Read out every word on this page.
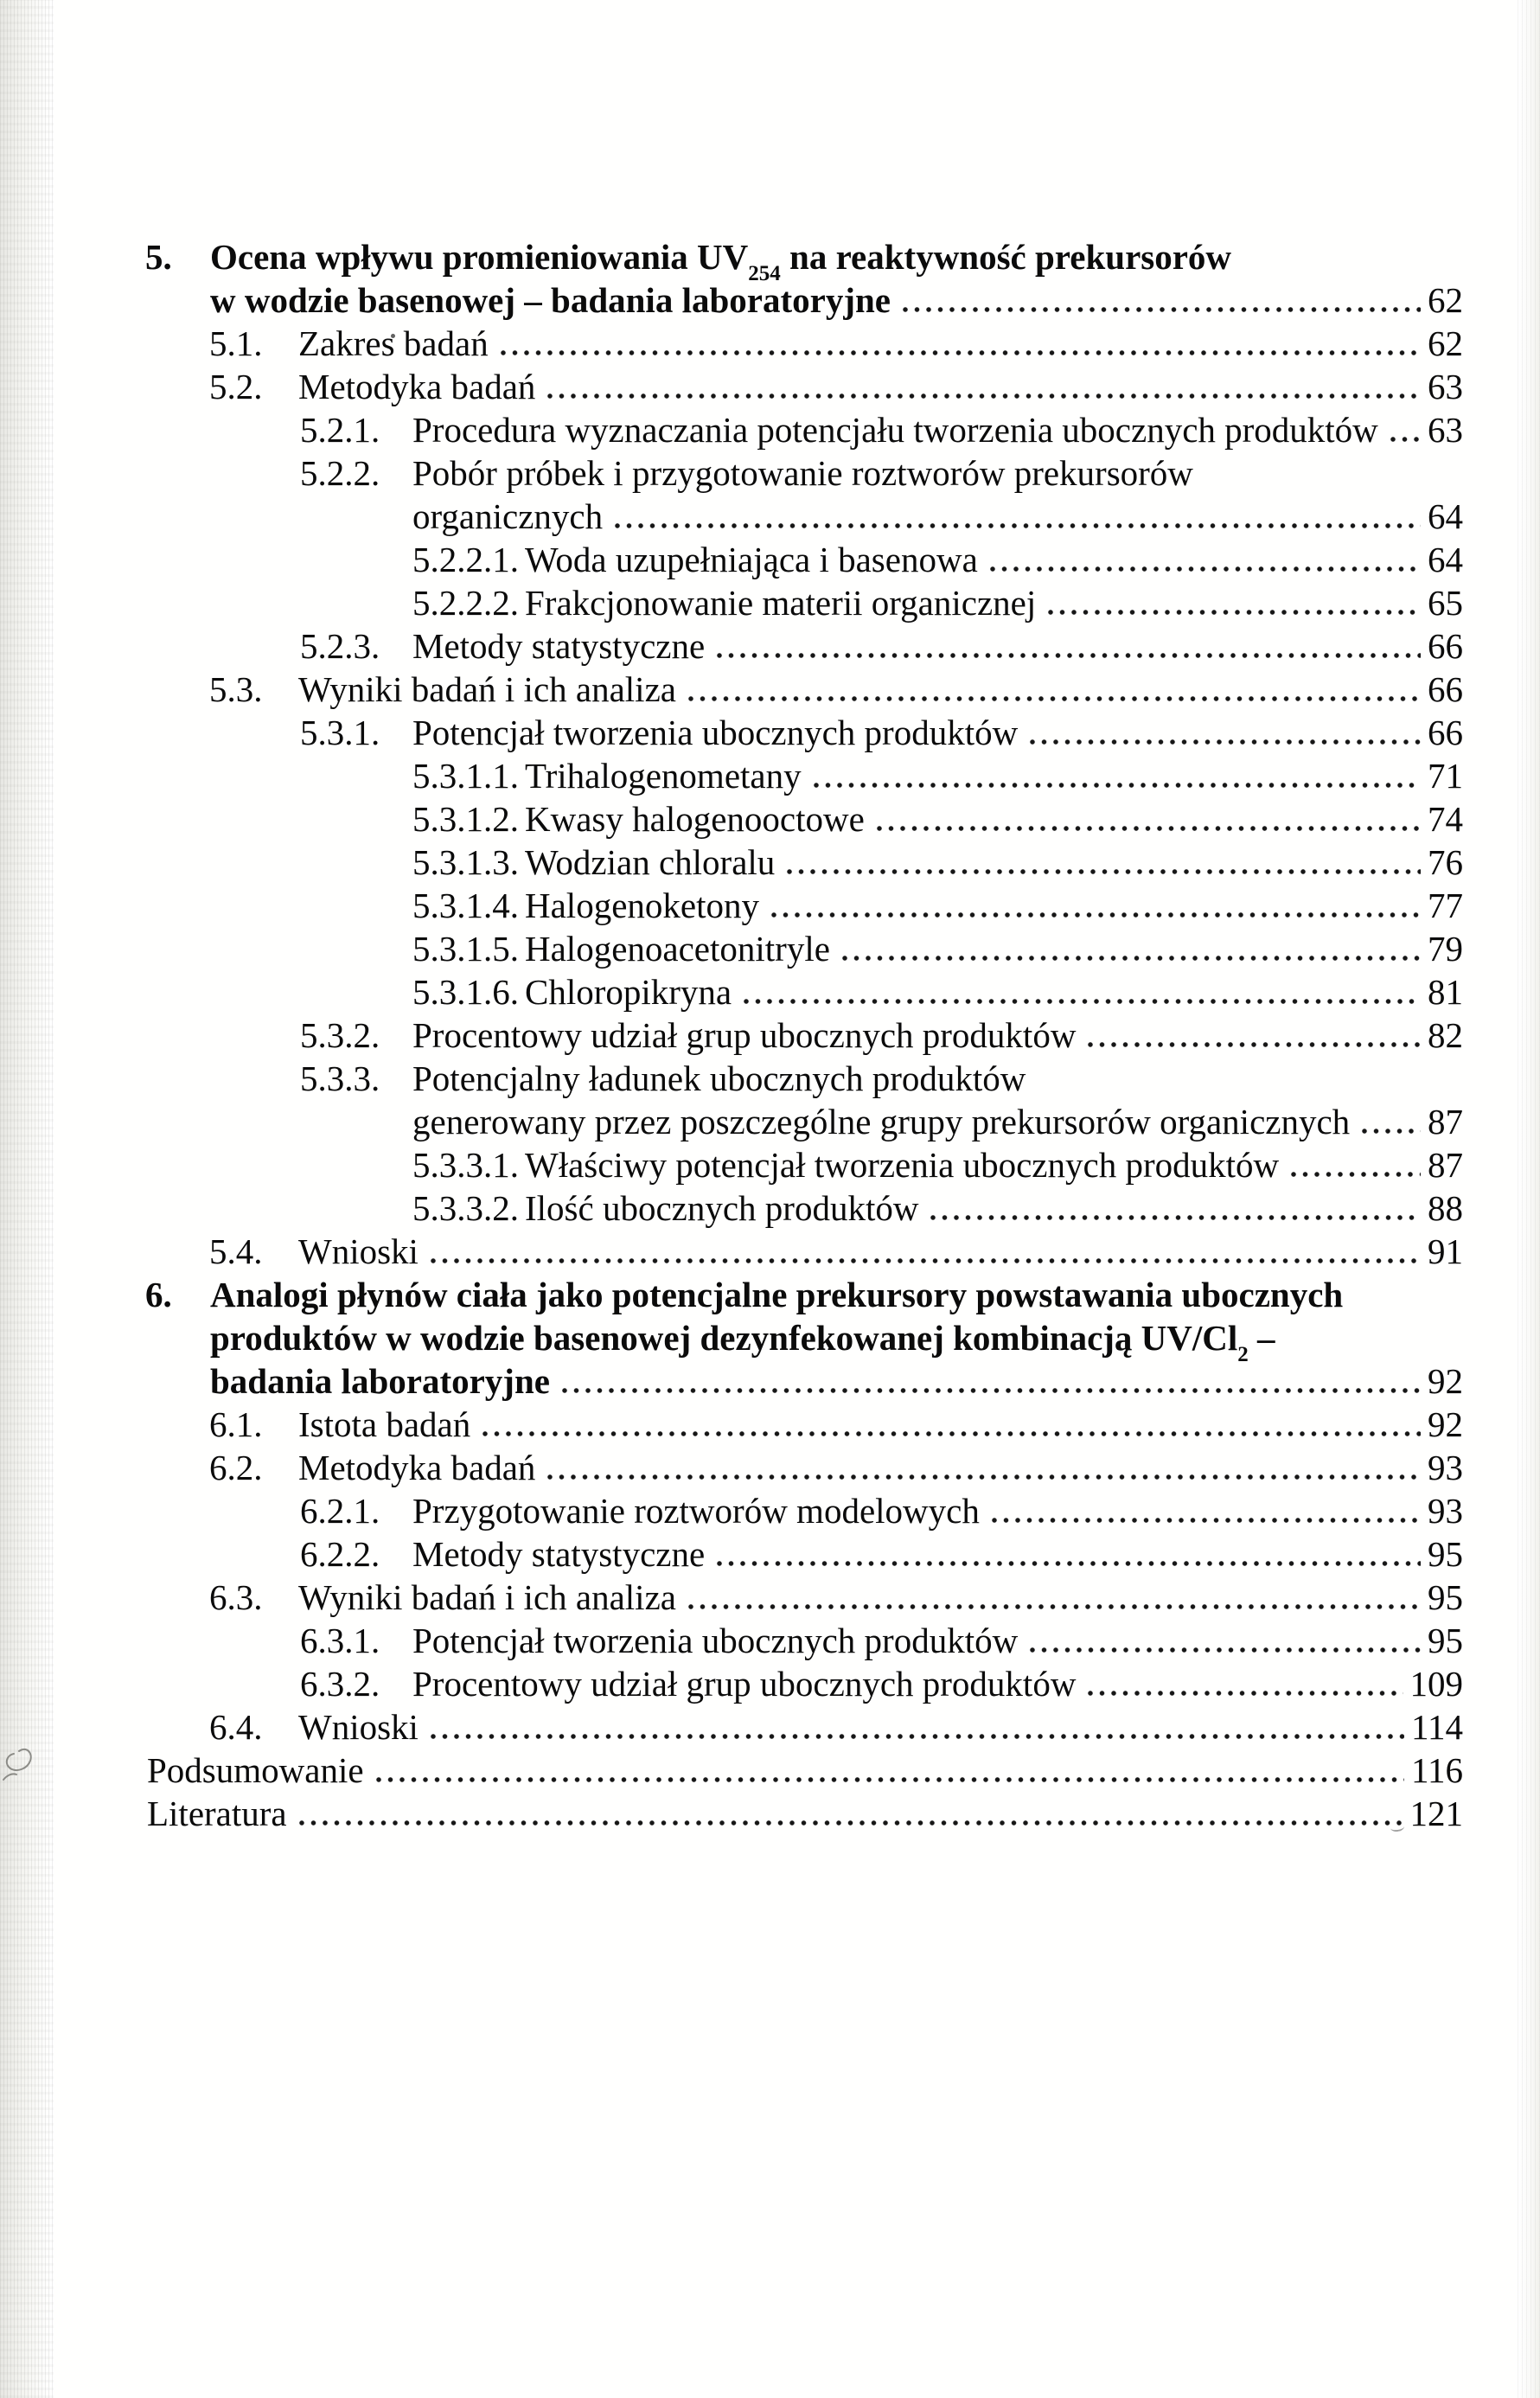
5. Ocena wpływu promieniowania $UV_{254}$ na reaktywność prekursorów
w wodzie basenowej – badania laboratoryjne	62
5.1. Zakres badań	62
5.2. Metodyka badań	63
5.2.1. Procedura wyznaczania potencjału tworzenia ubocznych produktów 63
5.2.2. Pobór próbek i przygotowanie roztworów prekursorów
organicznych	64
5.2.2.1. Woda uzupełniająca i basenowa	64
5.2.2.2. Frakcjonowanie materii organicznej	65
5.2.3. Metody statystyczne	66
5.3. Wyniki badań i ich analiza	66
5.3.1. Potencjał tworzenia ubocznych produktów	66
5.3.1.1. Trihalogenometany	71
5.3.1.2. Kwasy halogenooctowe	74
5.3.1.3. Wodzian chloralu	76
5.3.1.4. Halogenoketony	77
5.3.1.5. Halogenoacetonitryle	79
5.3.1.6. Chloropikryna	81
5.3.2. Procentowy udział grup ubocznych produktów	82
5.3.3. Potencjalny ładunek ubocznych produktów
generowany przez poszczególne grupy prekursorów organicznych 87
5.3.3.1. Właściwy potencjał tworzenia ubocznych produktów	87
5.3.3.2. Ilość ubocznych produktów	88
5.4. Wnioski	91
6. Analogi płynów ciała jako potencjalne prekursory powstawania ubocznych
produktów w wodzie basenowej dezynfekowanej kombinacją $UV/Cl_2$ –
badania laboratoryjne	92
6.1. Istota badań	92
6.2. Metodyka badań	93
6.2.1. Przygotowanie roztworów modelowych	93
6.2.2. Metody statystyczne	95
6.3. Wyniki badań i ich analiza	95
6.3.1. Potencjał tworzenia ubocznych produktów	95
6.3.2. Procentowy udział grup ubocznych produktów	109
6.4. Wnioski	114
Podsumowanie	116
Literatura	121
